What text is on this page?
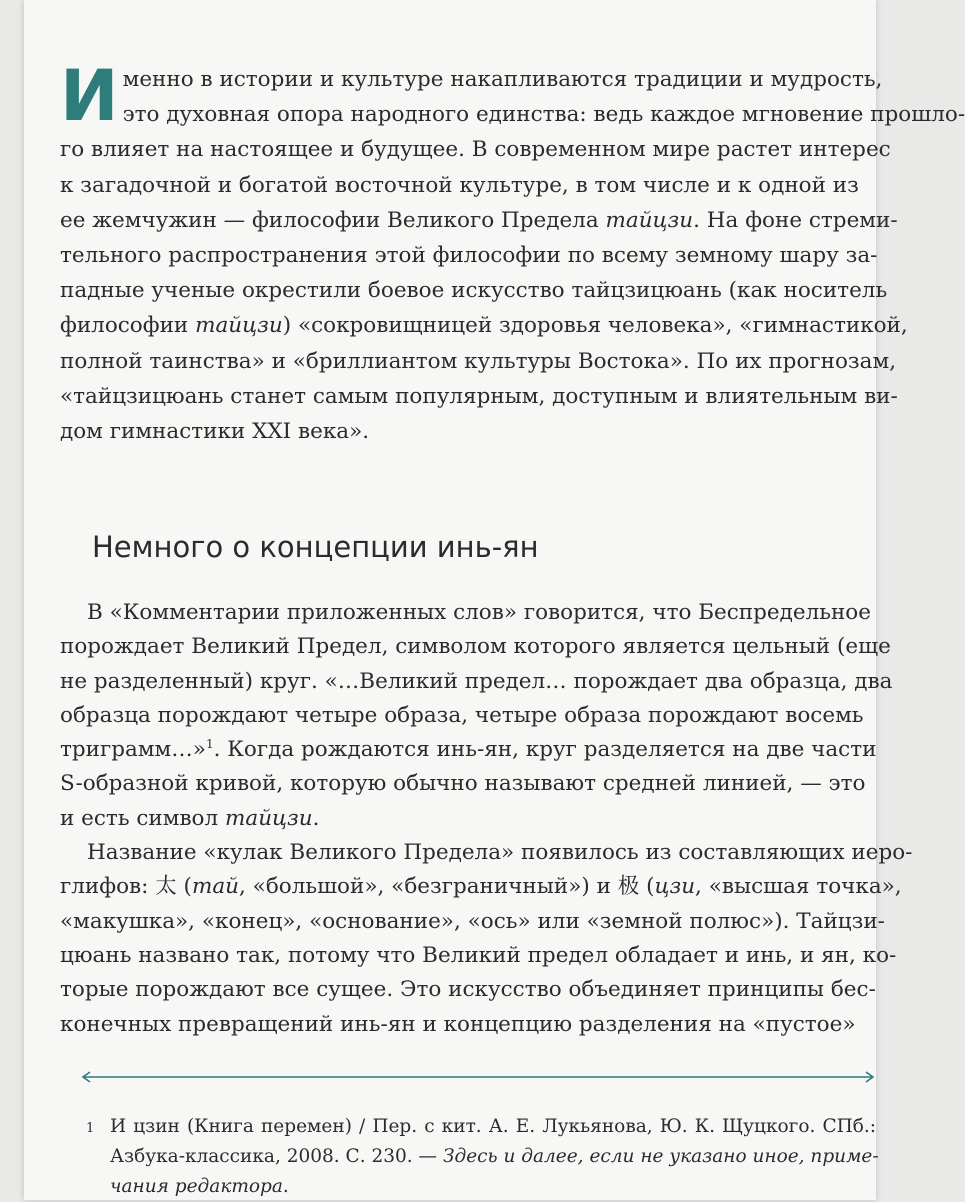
И менно в истории и культуре накапливаются традиции и мудрость,
это духовная опора народного единства: ведь каждое мгновение прошло-
го влияет на настоящее и будущее. В современном мире растет интерес
к загадочной и богатой восточной культуре, в том числе и к одной из
ее жемчужин — философии Великого Предела тайцзи. На фоне стреми-
тельного распространения этой философии по всему земному шару за-
падные ученые окрестили боевое искусство тайцзицюань (как носитель
философии тайцзи) «сокровищницей здоровья человека», «гимнастикой,
полной таинства» и «бриллиантом культуры Востока». По их прогнозам,
«тайцзицюань станет самым популярным, доступным и влиятельным ви-
дом гимнастики XXI века».
Немного о концепции инь-ян
В «Комментарии приложенных слов» говорится, что Беспредельное
порождает Великий Предел, символом которого является цельный (еще
не разделенный) круг. «…Великий предел… порождает два образца, два
образца порождают четыре образа, четыре образа порождают восемь
триграмм…»$^1$. Когда рождаются инь-ян, круг разделяется на две части
S-образной кривой, которую обычно называют средней линией, — это
и есть символ тайцзи.
Название «кулак Великого Предела» появилось из составляющих иеро-
глифов: 太 (тай, «большой», «безграничный») и 极 (цзи, «высшая точка»,
«макушка», «конец», «основание», «ось» или «земной полюс»). Тайцзи-
цюань названо так, потому что Великий предел обладает и инь, и ян, ко-
торые порождают все сущее. Это искусство объединяет принципы бес-
конечных превращений инь-ян и концепцию разделения на «пустое»
1 И цзин (Книга перемен) / Пер. с кит. А. Е. Лукьянова, Ю. К. Щуцкого. СПб.:
Азбука-классика, 2008. С. 230. — Здесь и далее, если не указано иное, приме-
чания редактора.
